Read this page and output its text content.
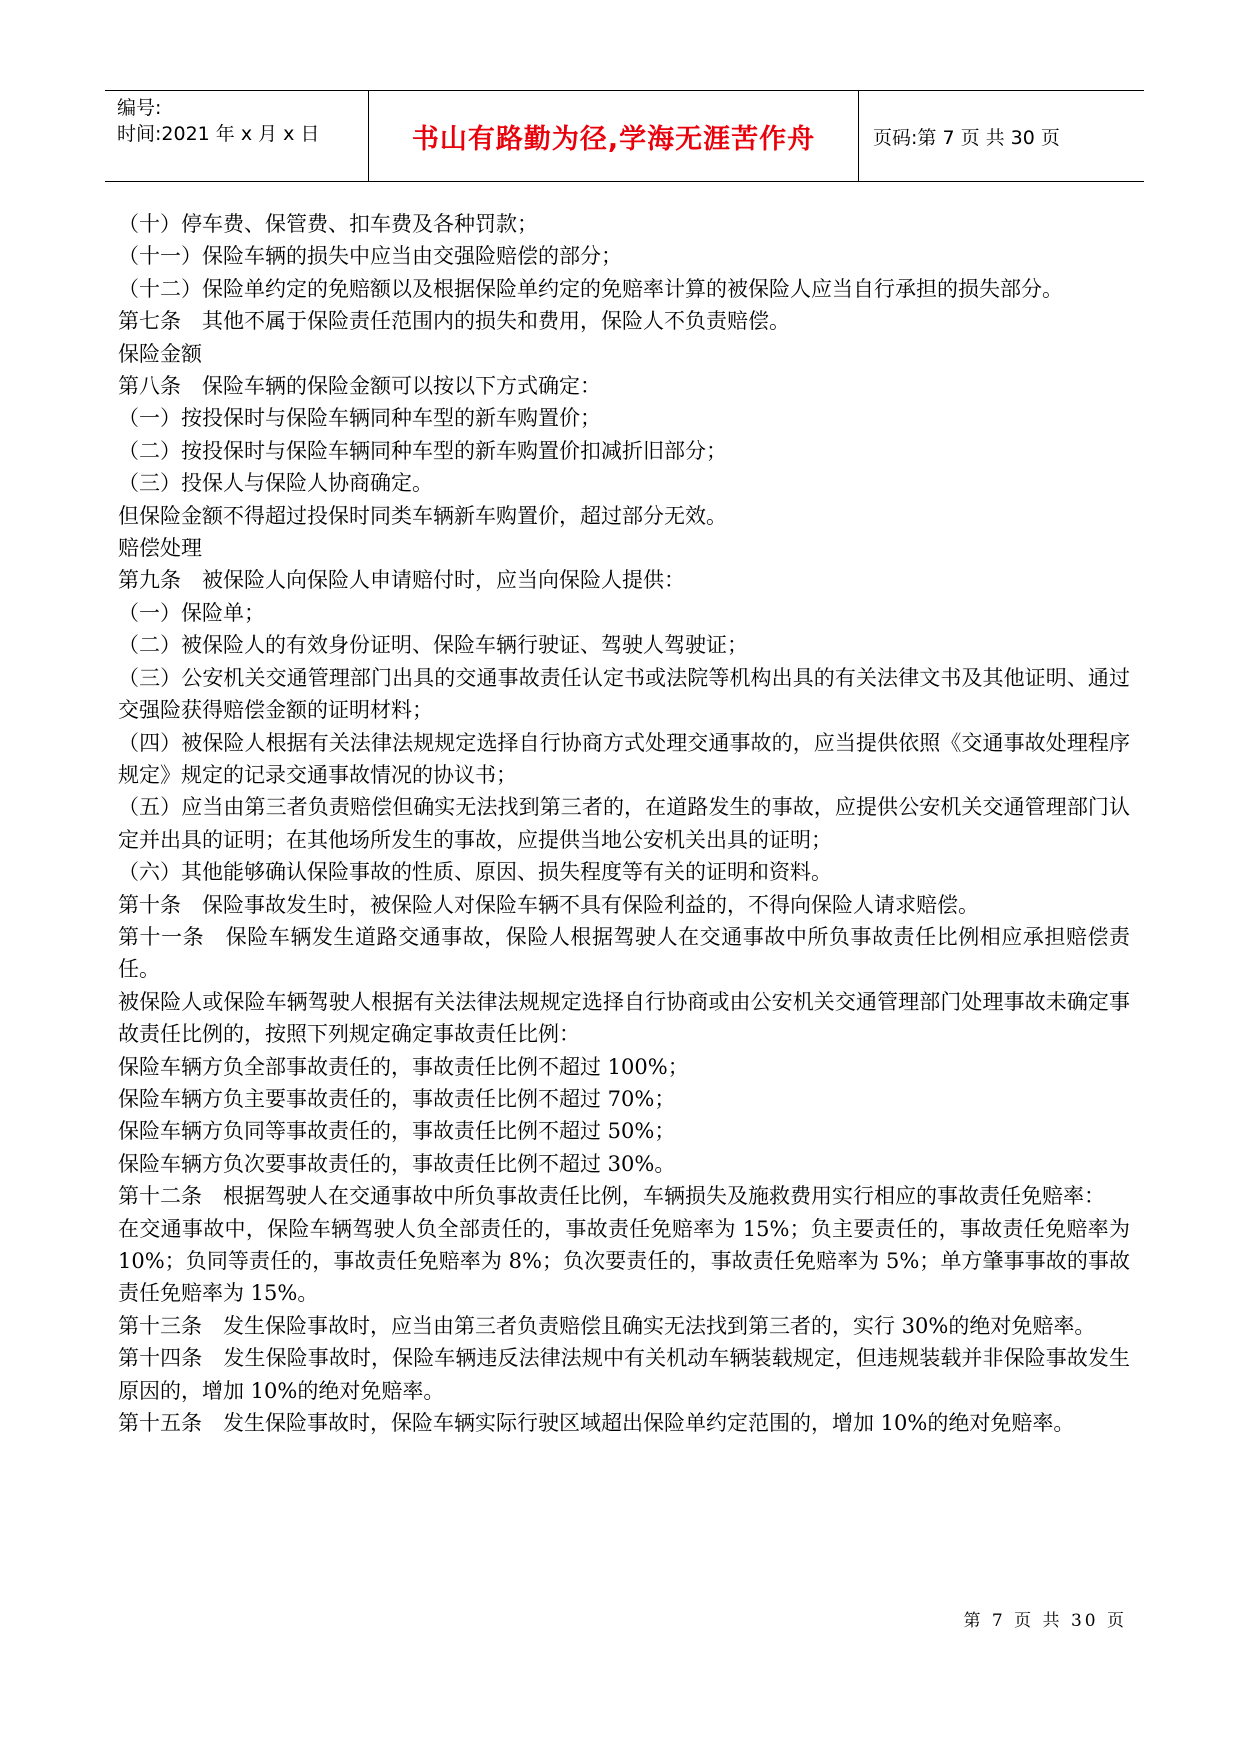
编号:
时间:2021 年 x 月 x 日	书山有路勤为径,学海无涯苦作舟	页码:第 7 页 共 30 页

（十）停车费、保管费、扣车费及各种罚款；

（十一）保险车辆的损失中应当由交强险赔偿的部分；

（十二）保险单约定的免赔额以及根据保险单约定的免赔率计算的被保险人应当自行承担的损失部分。

第七条　其他不属于保险责任范围内的损失和费用，保险人不负责赔偿。

保险金额

第八条　保险车辆的保险金额可以按以下方式确定：

（一）按投保时与保险车辆同种车型的新车购置价；

（二）按投保时与保险车辆同种车型的新车购置价扣减折旧部分；

（三）投保人与保险人协商确定。

但保险金额不得超过投保时同类车辆新车购置价，超过部分无效。

赔偿处理

第九条　被保险人向保险人申请赔付时，应当向保险人提供：

（一）保险单；

（二）被保险人的有效身份证明、保险车辆行驶证、驾驶人驾驶证；

（三）公安机关交通管理部门出具的交通事故责任认定书或法院等机构出具的有关法律文书及其他证明、通过交强险获得赔偿金额的证明材料；

（四）被保险人根据有关法律法规规定选择自行协商方式处理交通事故的，应当提供依照《交通事故处理程序规定》规定的记录交通事故情况的协议书；

（五）应当由第三者负责赔偿但确实无法找到第三者的，在道路发生的事故，应提供公安机关交通管理部门认定并出具的证明；在其他场所发生的事故，应提供当地公安机关出具的证明；

（六）其他能够确认保险事故的性质、原因、损失程度等有关的证明和资料。

第十条　保险事故发生时，被保险人对保险车辆不具有保险利益的，不得向保险人请求赔偿。

第十一条　保险车辆发生道路交通事故，保险人根据驾驶人在交通事故中所负事故责任比例相应承担赔偿责任。

被保险人或保险车辆驾驶人根据有关法律法规规定选择自行协商或由公安机关交通管理部门处理事故未确定事故责任比例的，按照下列规定确定事故责任比例：

保险车辆方负全部事故责任的，事故责任比例不超过 100%；

保险车辆方负主要事故责任的，事故责任比例不超过 70%；

保险车辆方负同等事故责任的，事故责任比例不超过 50%；

保险车辆方负次要事故责任的，事故责任比例不超过 30%。

第十二条　根据驾驶人在交通事故中所负事故责任比例，车辆损失及施救费用实行相应的事故责任免赔率：

在交通事故中，保险车辆驾驶人负全部责任的，事故责任免赔率为 15%；负主要责任的，事故责任免赔率为 10%；负同等责任的，事故责任免赔率为 8%；负次要责任的，事故责任免赔率为 5%；单方肇事事故的事故责任免赔率为 15%。

第十三条　发生保险事故时，应当由第三者负责赔偿且确实无法找到第三者的，实行 30%的绝对免赔率。

第十四条　发生保险事故时，保险车辆违反法律法规中有关机动车辆装载规定，但违规装载并非保险事故发生原因的，增加 10%的绝对免赔率。

第十五条　发生保险事故时，保险车辆实际行驶区域超出保险单约定范围的，增加 10%的绝对免赔率。

第 7 页 共 30 页
